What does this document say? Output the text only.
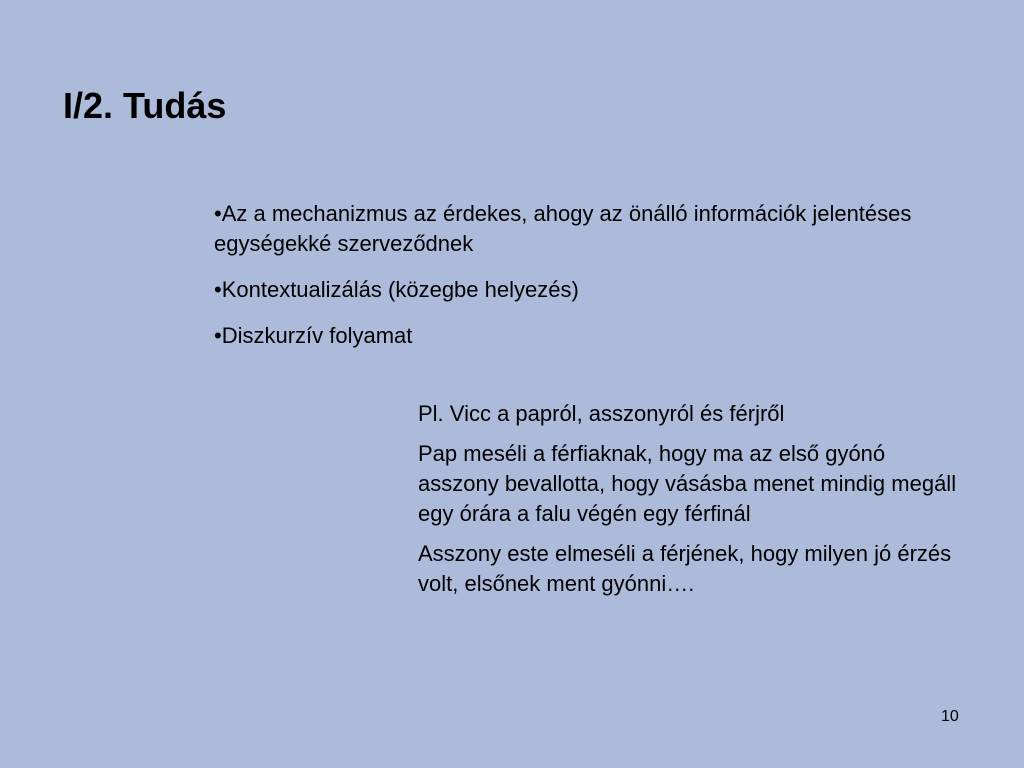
I/2. Tudás

•Az a mechanizmus az érdekes, ahogy az önálló információk jelentéses egységekké szerveződnek

•Kontextualizálás (közegbe helyezés)

•Diszkurzív folyamat

Pl. Vicc a papról, asszonyról és férjről

Pap meséli a férfiaknak, hogy ma az első gyónó asszony bevallotta, hogy vásásba menet mindig megáll egy órára a falu végén egy férfinál

Asszony este elmeséli a férjének, hogy milyen jó érzés volt, elsőnek ment gyónni….

10
